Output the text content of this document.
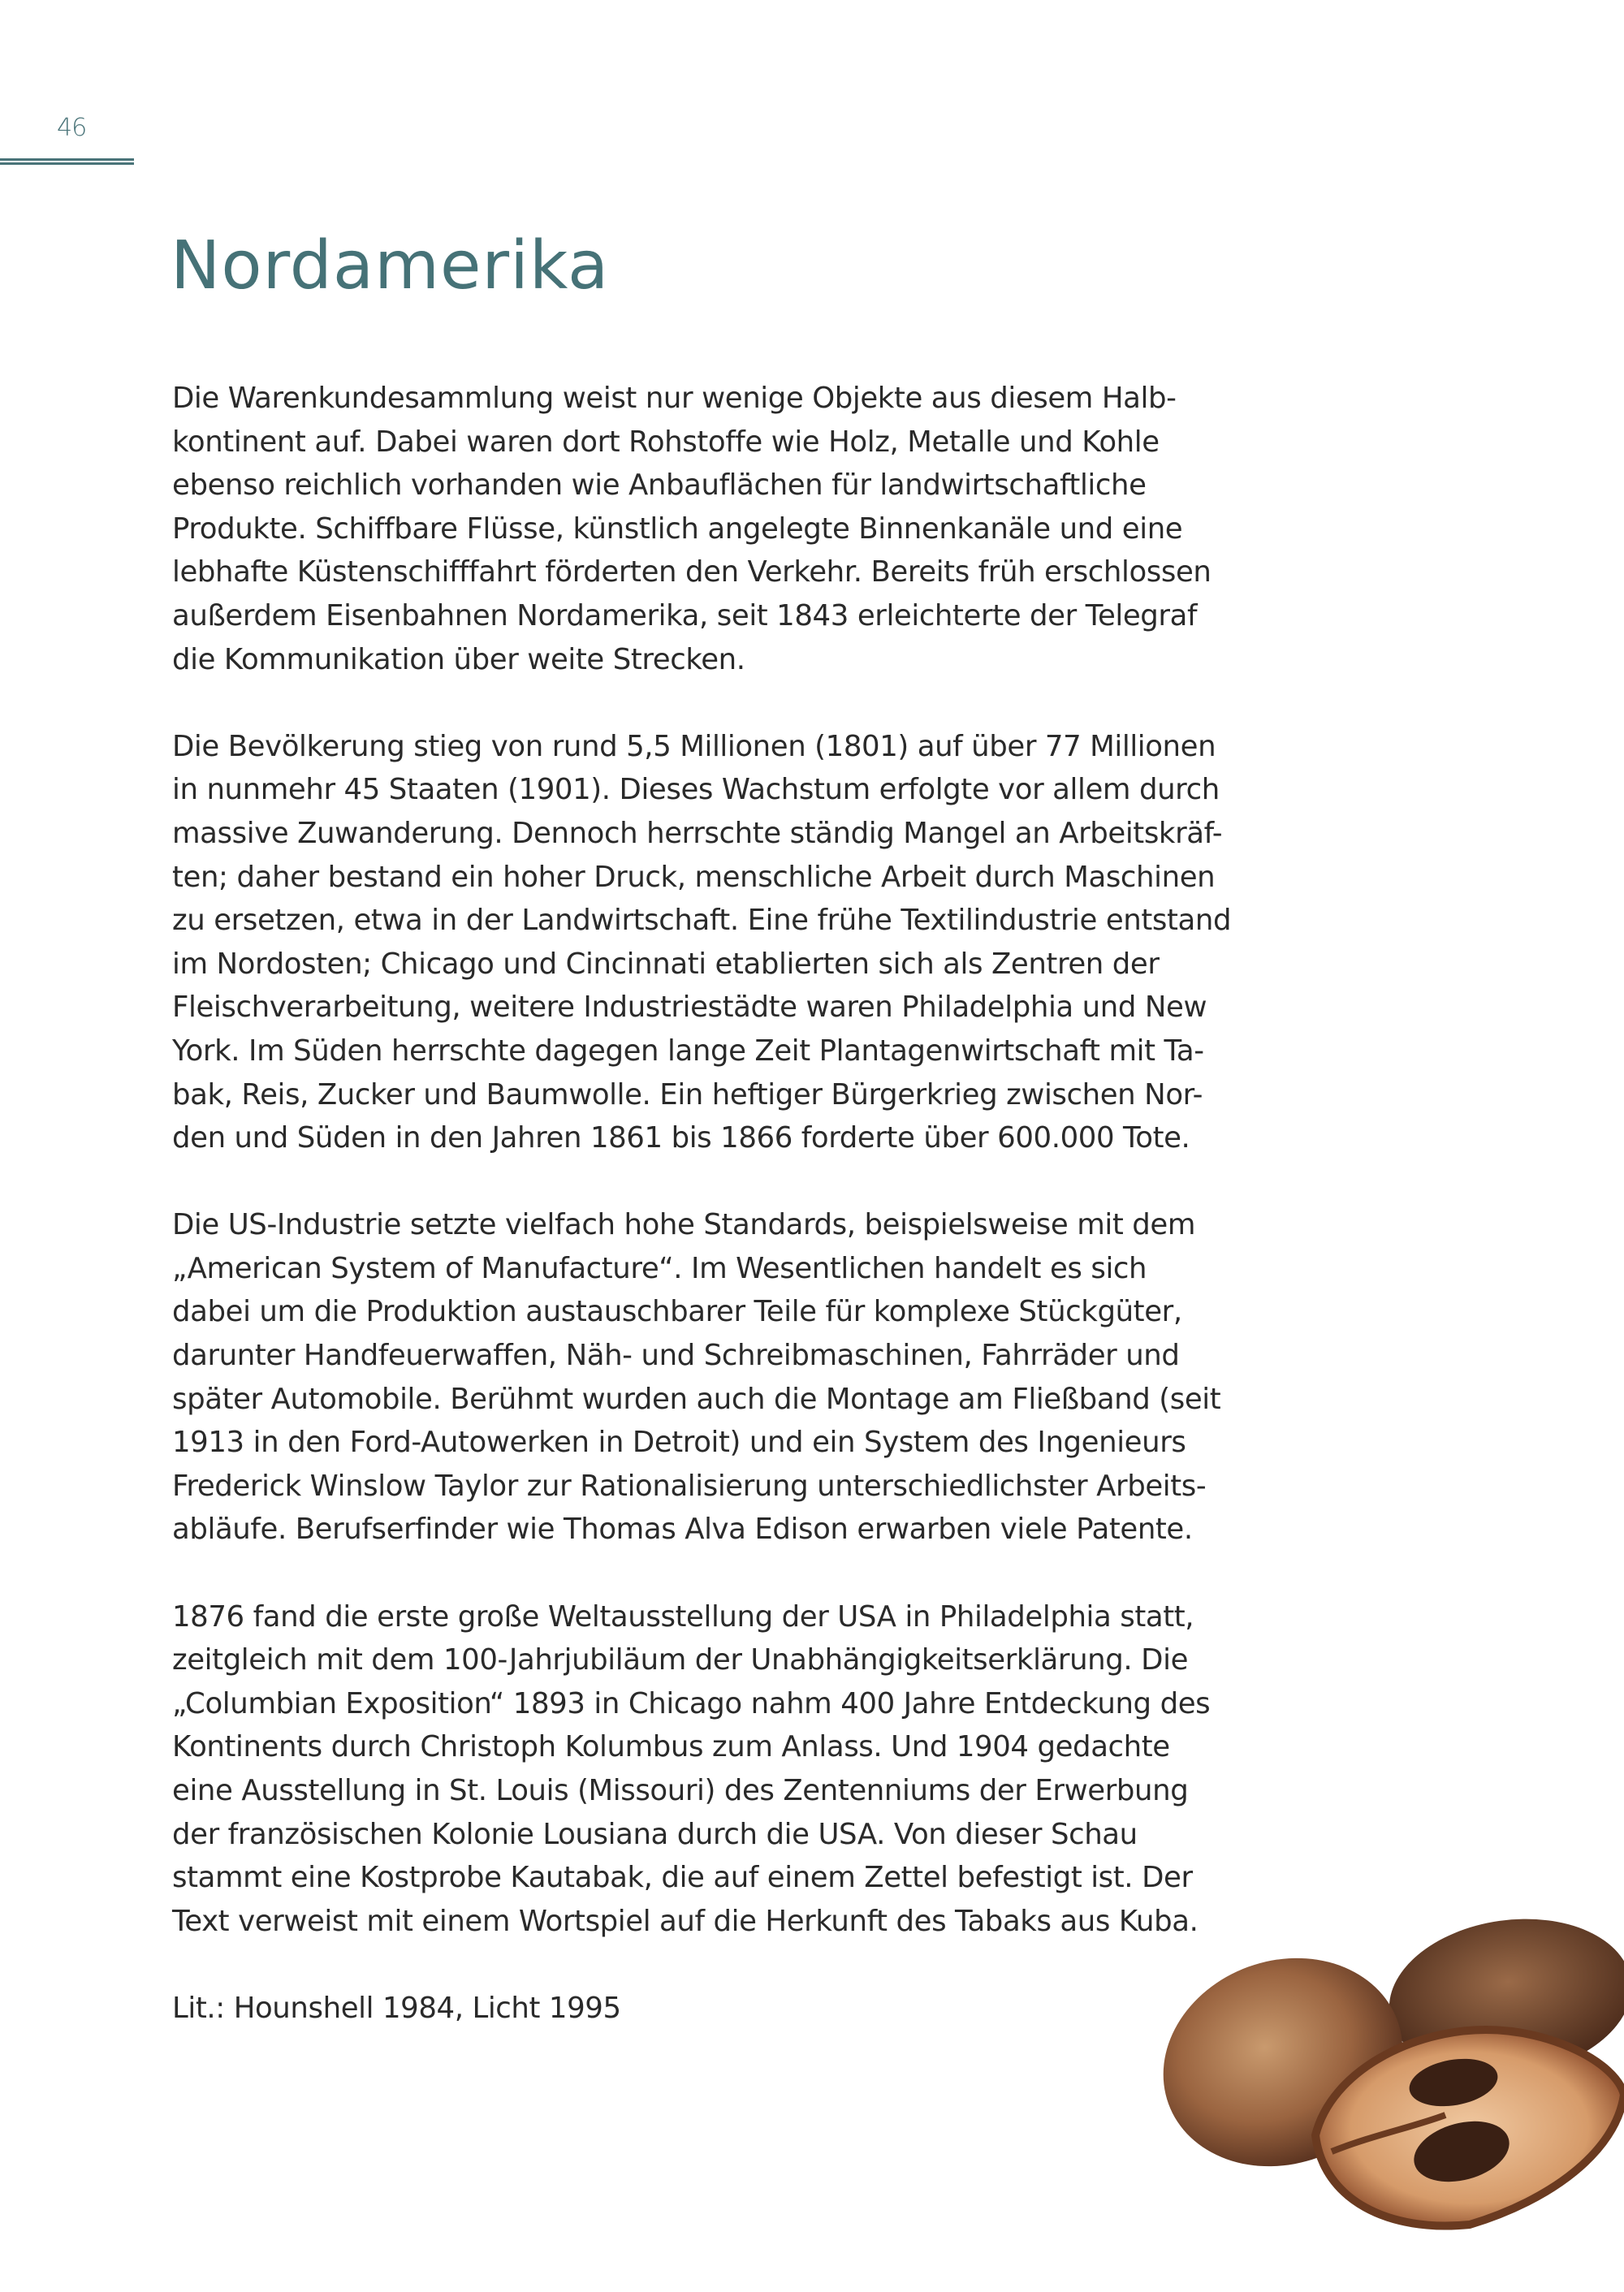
46
Nordamerika

Die Warenkundesammlung weist nur wenige Objekte aus diesem Halb-
kontinent auf. Dabei waren dort Rohstoffe wie Holz, Metalle und Kohle
ebenso reichlich vorhanden wie Anbauflächen für landwirtschaftliche
Produkte. Schiffbare Flüsse, künstlich angelegte Binnenkanäle und eine
lebhafte Küstenschifffahrt förderten den Verkehr. Bereits früh erschlossen
außerdem Eisenbahnen Nordamerika, seit 1843 erleichterte der Telegraf
die Kommunikation über weite Strecken.

Die Bevölkerung stieg von rund 5,5 Millionen (1801) auf über 77 Millionen
in nunmehr 45 Staaten (1901). Dieses Wachstum erfolgte vor allem durch
massive Zuwanderung. Dennoch herrschte ständig Mangel an Arbeitskräf-
ten; daher bestand ein hoher Druck, menschliche Arbeit durch Maschinen
zu ersetzen, etwa in der Landwirtschaft. Eine frühe Textilindustrie entstand
im Nordosten; Chicago und Cincinnati etablierten sich als Zentren der
Fleischverarbeitung, weitere Industriestädte waren Philadelphia und New
York. Im Süden herrschte dagegen lange Zeit Plantagenwirtschaft mit Ta-
bak, Reis, Zucker und Baumwolle. Ein heftiger Bürgerkrieg zwischen Nor-
den und Süden in den Jahren 1861 bis 1866 forderte über 600.000 Tote.

Die US-Industrie setzte vielfach hohe Standards, beispielsweise mit dem
„American System of Manufacture“. Im Wesentlichen handelt es sich
dabei um die Produktion austauschbarer Teile für komplexe Stückgüter,
darunter Handfeuerwaffen, Näh- und Schreibmaschinen, Fahrräder und
später Automobile. Berühmt wurden auch die Montage am Fließband (seit
1913 in den Ford-Autowerken in Detroit) und ein System des Ingenieurs
Frederick Winslow Taylor zur Rationalisierung unterschiedlichster Arbeits-
abläufe. Berufserfinder wie Thomas Alva Edison erwarben viele Patente.

1876 fand die erste große Weltausstellung der USA in Philadelphia statt,
zeitgleich mit dem 100-Jahrjubiläum der Unabhängigkeitserklärung. Die
„Columbian Exposition“ 1893 in Chicago nahm 400 Jahre Entdeckung des
Kontinents durch Christoph Kolumbus zum Anlass. Und 1904 gedachte
eine Ausstellung in St. Louis (Missouri) des Zentenniums der Erwerbung
der französischen Kolonie Lousiana durch die USA. Von dieser Schau
stammt eine Kostprobe Kautabak, die auf einem Zettel befestigt ist. Der
Text verweist mit einem Wortspiel auf die Herkunft des Tabaks aus Kuba.

Lit.: Hounshell 1984, Licht 1995
